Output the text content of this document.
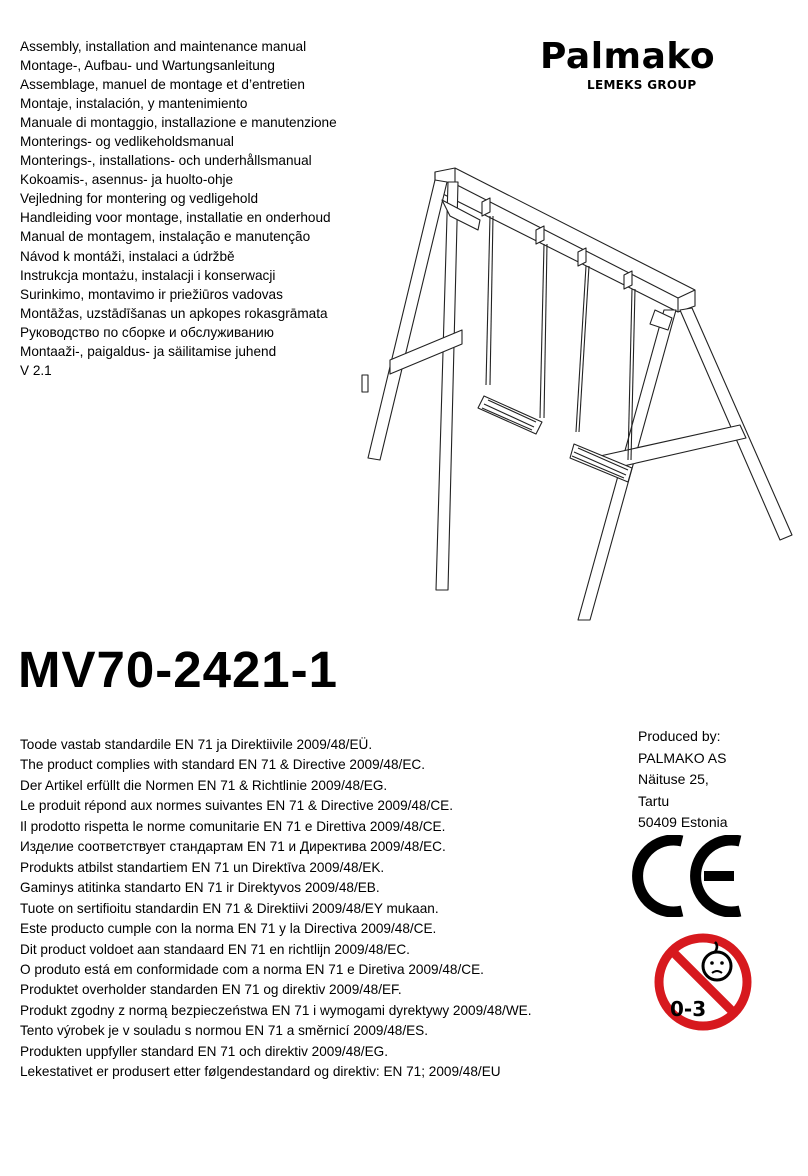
Assembly, installation and maintenance manual
Montage-, Aufbau- und Wartungsanleitung
Assemblage, manuel de montage et d’entretien
Montaje, instalación, y mantenimiento
Manuale di montaggio, installazione e manutenzione
Monterings- og vedlikeholdsmanual
Monterings-, installations- och underhållsmanual
Kokoamis-, asennus- ja huolto-ohje
Vejledning for montering og vedligehold
Handleiding voor montage, installatie en onderhoud
Manual de montagem, instalação e manutenção
Návod k montáži, instalaci a údržbě
Instrukcja montażu, instalacji i konserwacji
Surinkimo, montavimo ir priežiūros vadovas
Montāžas, uzstādīšanas un apkopes rokasgrāmata
Руководство по сборке и обслуживанию
Montaaži-, paigaldus- ja säilitamise juhend
V 2.1
Palmako
LEMEKS GROUP
MV70-2421-1
Toode vastab standardile EN 71 ja Direktiivile 2009/48/EÜ.
The product complies with standard EN 71 & Directive 2009/48/EC.
Der Artikel erfüllt die Normen EN 71 & Richtlinie 2009/48/EG.
Le produit répond aux normes suivantes EN 71 & Directive 2009/48/CE.
Il prodotto rispetta le norme comunitarie EN 71 e Direttiva 2009/48/CE.
Изделие соответствует стандартам EN 71 и Директива 2009/48/EC.
Produkts atbilst standartiem EN 71 un Direktīva 2009/48/EK.
Gaminys atitinka standarto EN 71 ir Direktyvos 2009/48/EB.
Tuote on sertifioitu standardin EN 71 & Direktiivi 2009/48/EY mukaan.
Este producto cumple con la norma EN 71 y la Directiva 2009/48/CE.
Dit product voldoet aan standaard EN 71 en richtlijn 2009/48/EC.
O produto está em conformidade com a norma EN 71 e Diretiva 2009/48/CE.
Produktet overholder standarden EN 71 og direktiv 2009/48/EF.
Produkt zgodny z normą bezpieczeństwa EN 71 i wymogami dyrektywy 2009/48/WE.
Tento výrobek je v souladu s normou EN 71 a směrnicí 2009/48/ES.
Produkten uppfyller standard EN 71 och direktiv 2009/48/EG.
Lekestativet er produsert etter følgendestandard og direktiv: EN 71; 2009/48/EU
Produced by:
PALMAKO AS
Näituse 25,
Tartu
50409 Estonia
0-3
